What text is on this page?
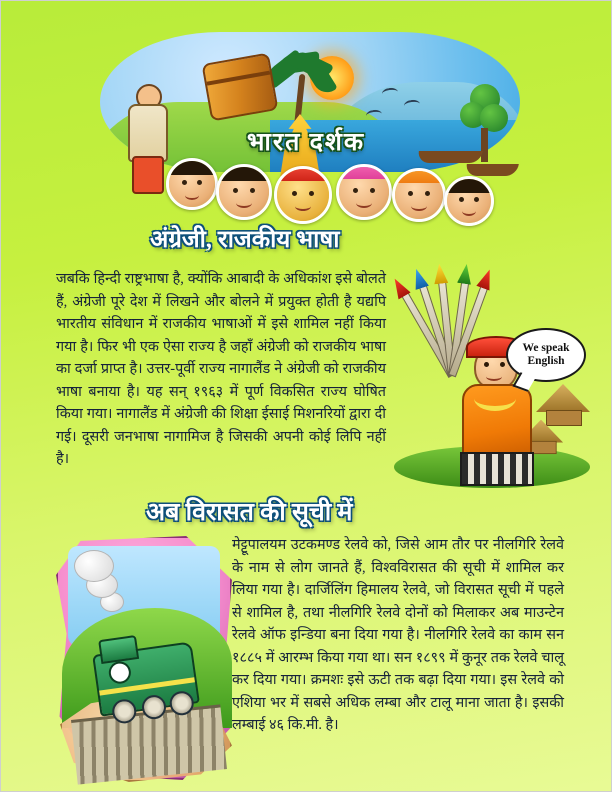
भारत दर्शक
अंग्रेजी, राजकीय भाषा
जबकि हिन्दी राष्ट्रभाषा है, क्योंकि आबादी के अधिकांश इसे बोलते हैं, अंग्रेजी पूरे देश में लिखने और बोलने में प्रयुक्त होती है यद्यपि भारतीय संविधान में राजकीय भाषाओं में इसे शामिल नहीं किया गया है। फिर भी एक ऐसा राज्य है जहाँ अंग्रेजी को राजकीय भाषा का दर्जा प्राप्त है। उत्तर-पूर्वी राज्य नागालैंड ने अंग्रेजी को राजकीय भाषा बनाया है। यह सन् १९६३ में पूर्ण विकसित राज्य घोषित किया गया। नागालैंड में अंग्रेजी की शिक्षा ईसाई मिशनरियों द्वारा दी गई। दूसरी जनभाषा नागामिज है जिसकी अपनी कोई लिपि नहीं है।
We speak English
अब विरासत की सूची में
मेट्टूपालयम उटकमण्ड रेलवे को, जिसे आम तौर पर नीलगिरि रेलवे के नाम से लोग जानते हैं, विश्वविरासत की सूची में शामिल कर लिया गया है। दार्जिलिंग हिमालय रेलवे, जो विरासत सूची में पहले से शामिल है, तथा नीलगिरि रेलवे दोनों को मिलाकर अब माउन्टेन रेलवे ऑफ इन्डिया बना दिया गया है। नीलगिरि रेलवे का काम सन १८८५ में आरम्भ किया गया था। सन १८९९ में कुनूर तक रेलवे चालू कर दिया गया। क्रमशः इसे ऊटी तक बढ़ा दिया गया। इस रेलवे को एशिया भर में सबसे अधिक लम्बा और टालू माना जाता है। इसकी लम्बाई ४६ कि.मी. है।
